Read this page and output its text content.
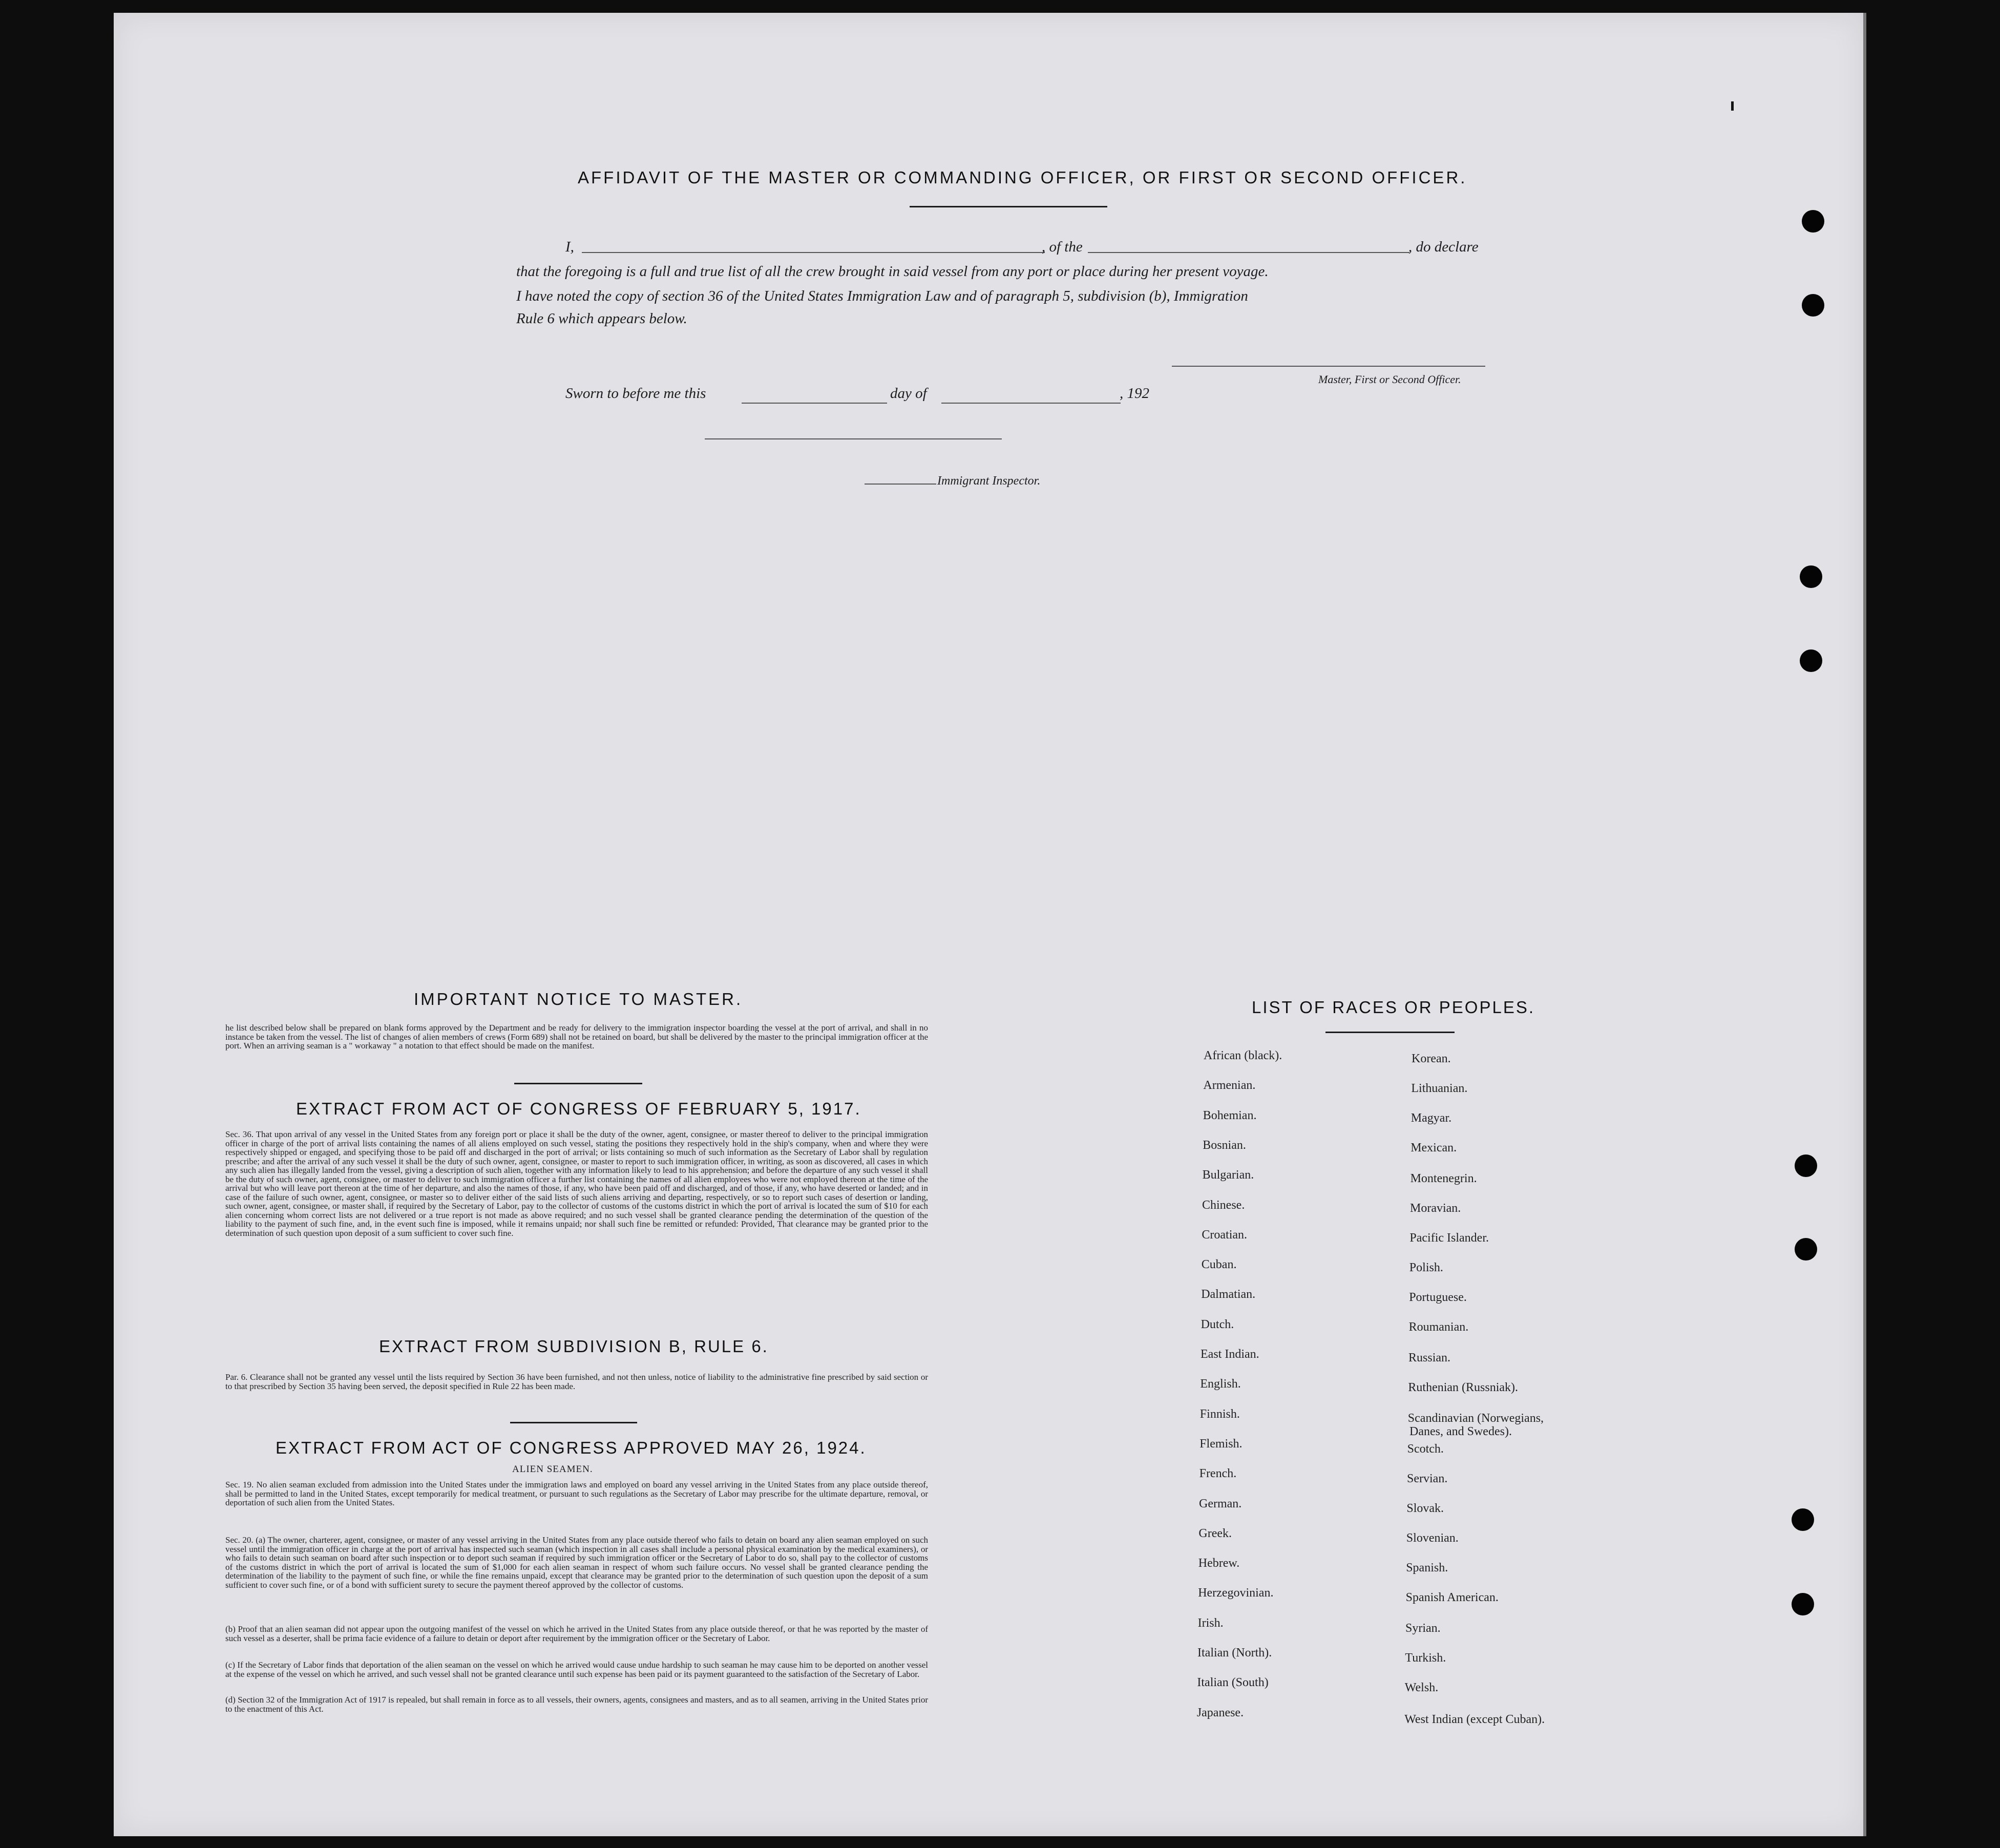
AFFIDAVIT OF THE MASTER OR COMMANDING OFFICER, OR FIRST OR SECOND OFFICER.
I,	, of the	, do declare
that the foregoing is a full and true list of all the crew brought in said vessel from any port or place during her present voyage.
I have noted the copy of section 36 of the United States Immigration Law and of paragraph 5, subdivision (b), Immigration
Rule 6 which appears below.
Master, First or Second Officer.
Sworn to before me this	day of	, 192
Immigrant Inspector.
IMPORTANT NOTICE TO MASTER.
he list described below shall be prepared on blank forms approved by the Department and be ready for delivery to the immigration inspector boarding the vessel at the port of arrival, and shall in no instance be taken from the vessel. The list of changes of alien members of crews (Form 689) shall not be retained on board, but shall be delivered by the master to the principal immigration officer at the port. When an arriving seaman is a " workaway " a notation to that effect should be made on the manifest.
EXTRACT FROM ACT OF CONGRESS OF FEBRUARY 5, 1917.
Sec. 36. That upon arrival of any vessel in the United States from any foreign port or place it shall be the duty of the owner, agent, consignee, or master thereof to deliver to the principal immigration officer in charge of the port of arrival lists containing the names of all aliens employed on such vessel, stating the positions they respectively hold in the ship's company, when and where they were respectively shipped or engaged, and specifying those to be paid off and discharged in the port of arrival; or lists containing so much of such information as the Secretary of Labor shall by regulation prescribe; and after the arrival of any such vessel it shall be the duty of such owner, agent, consignee, or master to report to such immigration officer, in writing, as soon as discovered, all cases in which any such alien has illegally landed from the vessel, giving a description of such alien, together with any information likely to lead to his apprehension; and before the departure of any such vessel it shall be the duty of such owner, agent, consignee, or master to deliver to such immigration officer a further list containing the names of all alien employees who were not employed thereon at the time of the arrival but who will leave port thereon at the time of her departure, and also the names of those, if any, who have been paid off and discharged, and of those, if any, who have deserted or landed; and in case of the failure of such owner, agent, consignee, or master so to deliver either of the said lists of such aliens arriving and departing, respectively, or so to report such cases of desertion or landing, such owner, agent, consignee, or master shall, if required by the Secretary of Labor, pay to the collector of customs of the customs district in which the port of arrival is located the sum of $10 for each alien concerning whom correct lists are not delivered or a true report is not made as above required; and no such vessel shall be granted clearance pending the determination of the question of the liability to the payment of such fine, and, in the event such fine is imposed, while it remains unpaid; nor shall such fine be remitted or refunded: Provided, That clearance may be granted prior to the determination of such question upon deposit of a sum sufficient to cover such fine.
EXTRACT FROM SUBDIVISION B, RULE 6.
Par. 6. Clearance shall not be granted any vessel until the lists required by Section 36 have been furnished, and not then unless, notice of liability to the administrative fine prescribed by said section or to that prescribed by Section 35 having been served, the deposit specified in Rule 22 has been made.
EXTRACT FROM ACT OF CONGRESS APPROVED MAY 26, 1924.
ALIEN SEAMEN.
Sec. 19. No alien seaman excluded from admission into the United States under the immigration laws and employed on board any vessel arriving in the United States from any place outside thereof, shall be permitted to land in the United States, except temporarily for medical treatment, or pursuant to such regulations as the Secretary of Labor may prescribe for the ultimate departure, removal, or deportation of such alien from the United States.
Sec. 20. (a) The owner, charterer, agent, consignee, or master of any vessel arriving in the United States from any place outside thereof who fails to detain on board any alien seaman employed on such vessel until the immigration officer in charge at the port of arrival has inspected such seaman (which inspection in all cases shall include a personal physical examination by the medical examiners), or who fails to detain such seaman on board after such inspection or to deport such seaman if required by such immigration officer or the Secretary of Labor to do so, shall pay to the collector of customs of the customs district in which the port of arrival is located the sum of $1,000 for each alien seaman in respect of whom such failure occurs. No vessel shall be granted clearance pending the determination of the liability to the payment of such fine, or while the fine remains unpaid, except that clearance may be granted prior to the determination of such question upon the deposit of a sum sufficient to cover such fine, or of a bond with sufficient surety to secure the payment thereof approved by the collector of customs.
(b) Proof that an alien seaman did not appear upon the outgoing manifest of the vessel on which he arrived in the United States from any place outside thereof, or that he was reported by the master of such vessel as a deserter, shall be prima facie evidence of a failure to detain or deport after requirement by the immigration officer or the Secretary of Labor.
(c) If the Secretary of Labor finds that deportation of the alien seaman on the vessel on which he arrived would cause undue hardship to such seaman he may cause him to be deported on another vessel at the expense of the vessel on which he arrived, and such vessel shall not be granted clearance until such expense has been paid or its payment guaranteed to the satisfaction of the Secretary of Labor.
(d) Section 32 of the Immigration Act of 1917 is repealed, but shall remain in force as to all vessels, their owners, agents, consignees and masters, and as to all seamen, arriving in the United States prior to the enactment of this Act.
LIST OF RACES OR PEOPLES.
African (black).
Armenian.
Bohemian.
Bosnian.
Bulgarian.
Chinese.
Croatian.
Cuban.
Dalmatian.
Dutch.
East Indian.
English.
Finnish.
Flemish.
French.
German.
Greek.
Hebrew.
Herzegovinian.
Irish.
Italian (North).
Italian (South)
Japanese.
Korean.
Lithuanian.
Magyar.
Mexican.
Montenegrin.
Moravian.
Pacific Islander.
Polish.
Portuguese.
Roumanian.
Russian.
Ruthenian (Russniak).
Scandinavian (Norwegians,
Danes, and Swedes).
Scotch.
Servian.
Slovak.
Slovenian.
Spanish.
Spanish American.
Syrian.
Turkish.
Welsh.
West Indian (except Cuban).
